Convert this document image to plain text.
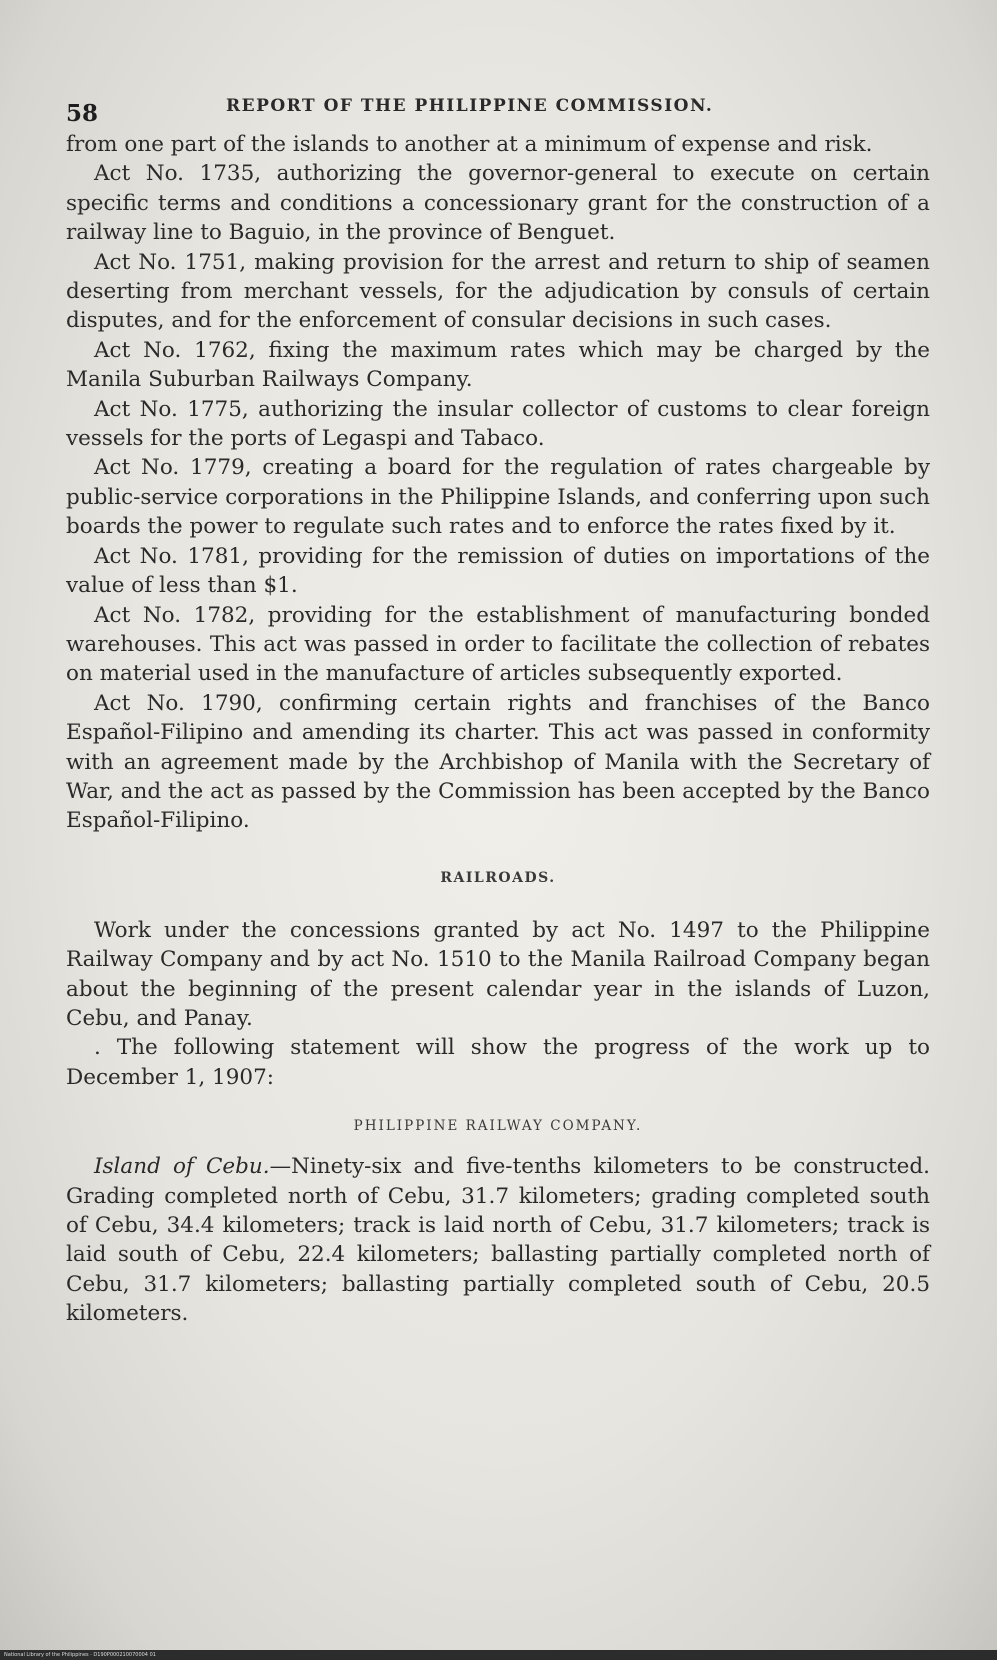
58	REPORT OF THE PHILIPPINE COMMISSION.

from one part of the islands to another at a minimum of expense and risk.

Act No. 1735, authorizing the governor-general to execute on certain specific terms and conditions a concessionary grant for the construction of a railway line to Baguio, in the province of Benguet.

Act No. 1751, making provision for the arrest and return to ship of seamen deserting from merchant vessels, for the adjudication by consuls of certain disputes, and for the enforcement of consular decisions in such cases.

Act No. 1762, fixing the maximum rates which may be charged by the Manila Suburban Railways Company.

Act No. 1775, authorizing the insular collector of customs to clear foreign vessels for the ports of Legaspi and Tabaco.

Act No. 1779, creating a board for the regulation of rates chargeable by public-service corporations in the Philippine Islands, and conferring upon such boards the power to regulate such rates and to enforce the rates fixed by it.

Act No. 1781, providing for the remission of duties on importations of the value of less than $1.

Act No. 1782, providing for the establishment of manufacturing bonded warehouses. This act was passed in order to facilitate the collection of rebates on material used in the manufacture of articles subsequently exported.

Act No. 1790, confirming certain rights and franchises of the Banco Español-Filipino and amending its charter. This act was passed in conformity with an agreement made by the Archbishop of Manila with the Secretary of War, and the act as passed by the Commission has been accepted by the Banco Español-Filipino.

RAILROADS.

Work under the concessions granted by act No. 1497 to the Philippine Railway Company and by act No. 1510 to the Manila Railroad Company began about the beginning of the present calendar year in the islands of Luzon, Cebu, and Panay.

. The following statement will show the progress of the work up to December 1, 1907:

PHILIPPINE RAILWAY COMPANY.

Island of Cebu.—Ninety-six and five-tenths kilometers to be constructed. Grading completed north of Cebu, 31.7 kilometers; grading completed south of Cebu, 34.4 kilometers; track is laid north of Cebu, 31.7 kilometers; track is laid south of Cebu, 22.4 kilometers; ballasting partially completed north of Cebu, 31.7 kilometers; ballasting partially completed south of Cebu, 20.5 kilometers.

National Library of the Philippines · D190P000210070004 01
